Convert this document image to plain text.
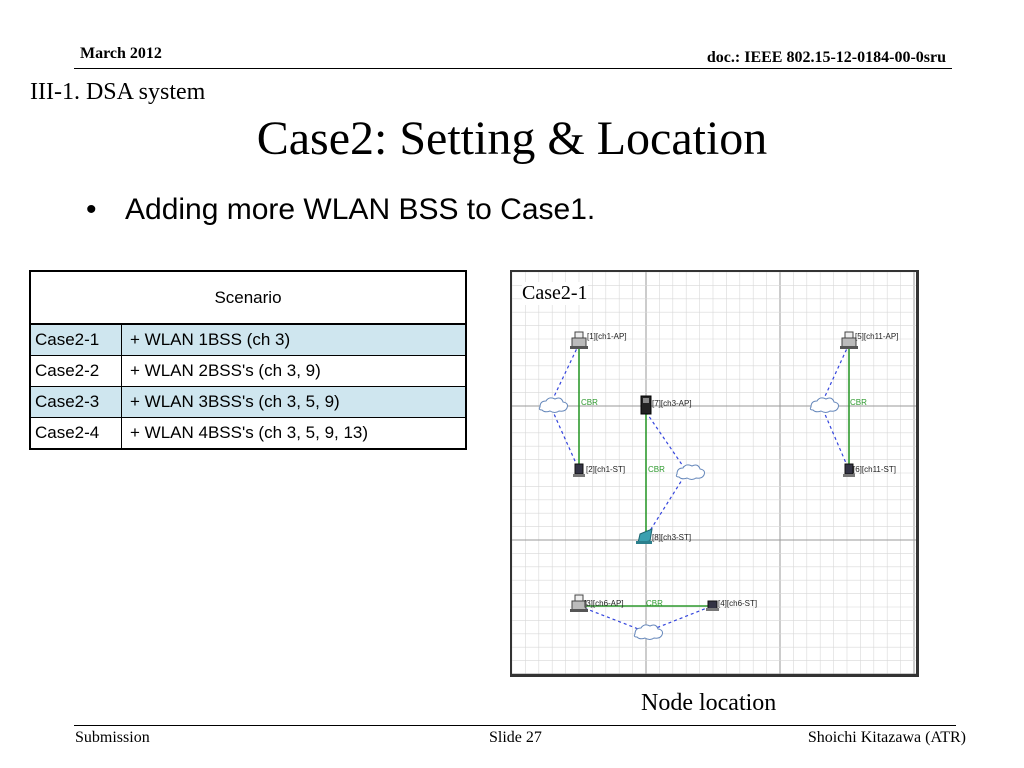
March 2012	doc.: IEEE 802.15-12-0184-00-0sru
III-1. DSA system
Case2: Setting & Location
• Adding more WLAN BSS to Case1.
Scenario	
Case2-1	+ WLAN 1BSS (ch 3)
Case2-2	+ WLAN 2BSS's (ch 3, 9)
Case2-3	+ WLAN 3BSS's (ch 3, 5, 9)
Case2-4	+ WLAN 4BSS's (ch 3, 5, 9, 13)
CBR	CBR
CBR
CBR
[1][ch1-AP]
[2][ch1-ST]
[5][ch11-AP]
[6][ch11-ST]
[7][ch3-AP]
[8][ch3-ST]
[3][ch6-AP]	[4][ch6-ST]
Case2-1
Node location
Submission	Slide 27	Shoichi Kitazawa (ATR)
